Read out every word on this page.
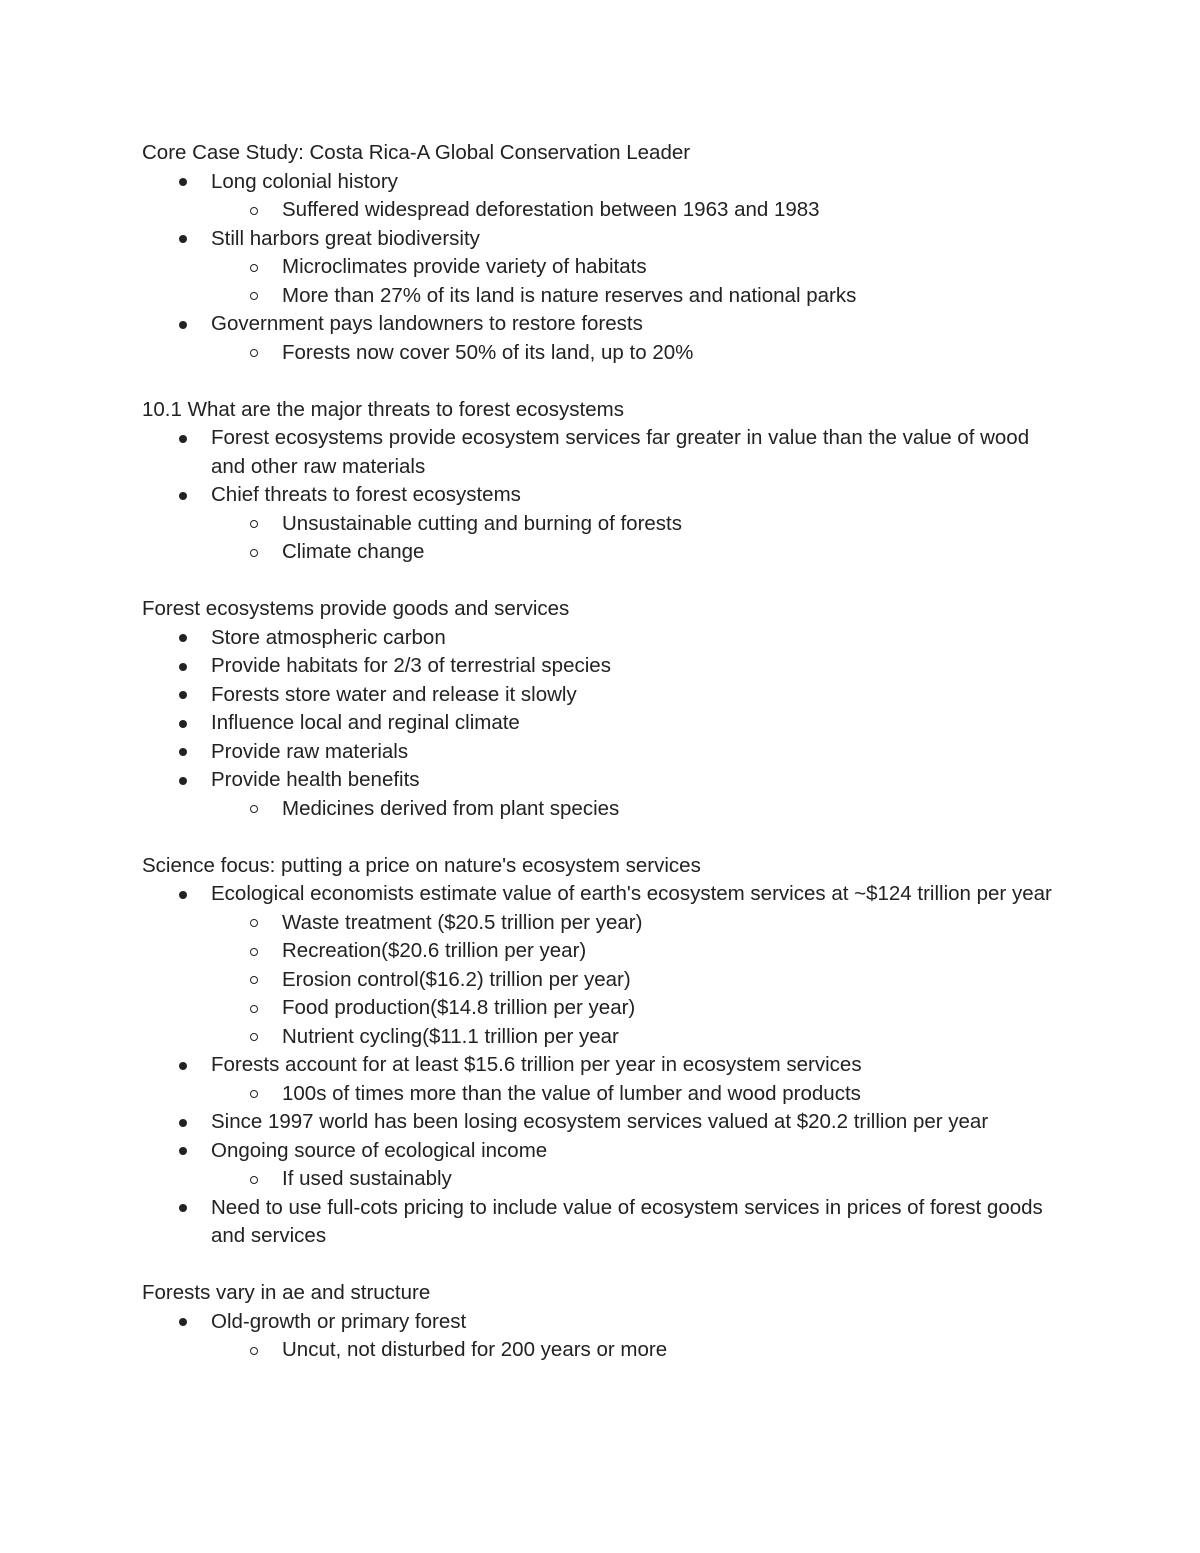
Core Case Study: Costa Rica-A Global Conservation Leader

Long colonial history
Suffered widespread deforestation between 1963 and 1983
Still harbors great biodiversity
Microclimates provide variety of habitats
More than 27% of its land is nature reserves and national parks
Government pays landowners to restore forests
Forests now cover 50% of its land, up to 20%

10.1 What are the major threats to forest ecosystems

Forest ecosystems provide ecosystem services far greater in value than the value of wood and other raw materials
Chief threats to forest ecosystems
Unsustainable cutting and burning of forests
Climate change

Forest ecosystems provide goods and services

Store atmospheric carbon
Provide habitats for 2/3 of terrestrial species
Forests store water and release it slowly
Influence local and reginal climate
Provide raw materials
Provide health benefits
Medicines derived from plant species

Science focus: putting a price on nature's ecosystem services

Ecological economists estimate value of earth's ecosystem services at ~$124 trillion per year
Waste treatment ($20.5 trillion per year)
Recreation($20.6 trillion per year)
Erosion control($16.2) trillion per year)
Food production($14.8 trillion per year)
Nutrient cycling($11.1 trillion per year
Forests account for at least $15.6 trillion per year in ecosystem services
100s of times more than the value of lumber and wood products
Since 1997 world has been losing ecosystem services valued at $20.2 trillion per year
Ongoing source of ecological income
If used sustainably
Need to use full-cots pricing to include value of ecosystem services in prices of forest goods and services

Forests vary in ae and structure

Old-growth or primary forest
Uncut, not disturbed for 200 years or more
